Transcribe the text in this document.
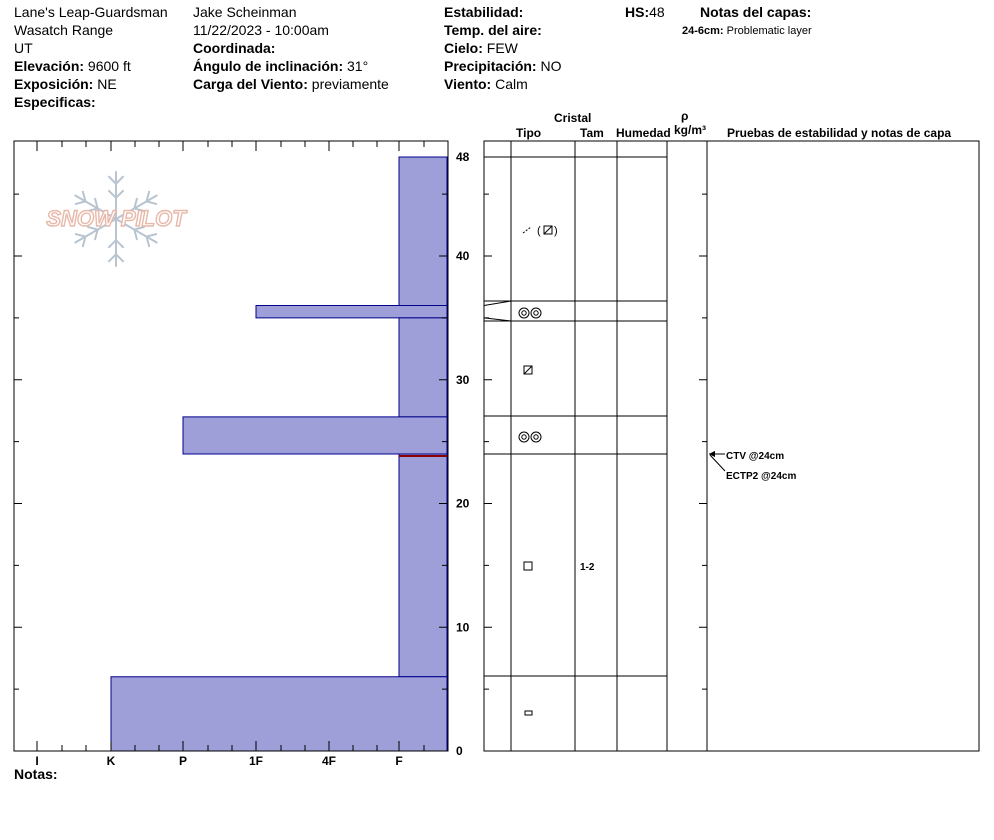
Lane's Leap-Guardsman
Wasatch Range
UT
Elevación: 9600 ft
Exposición: NE
Especificas:
Jake Scheinman
11/22/2023 - 10:00am
Coordinada:
Ángulo de inclinación: 31°
Carga del Viento: previamente
Estabilidad:
Temp. del aire:
Cielo: FEW
Precipitación: NO
Viento: Calm
HS:48	Notas del capas:
24-6cm: Problematic layer
Cristal
Tipo	Tam Humedad
ρ
kg/m³ Pruebas de estabilidad y notas de capa
Notas:
SNOW PILOT
0
10
20
30
40
48
I	K	P	1F	4F	F
( )
1-2
CTV @24cm
ECTP2 @24cm
